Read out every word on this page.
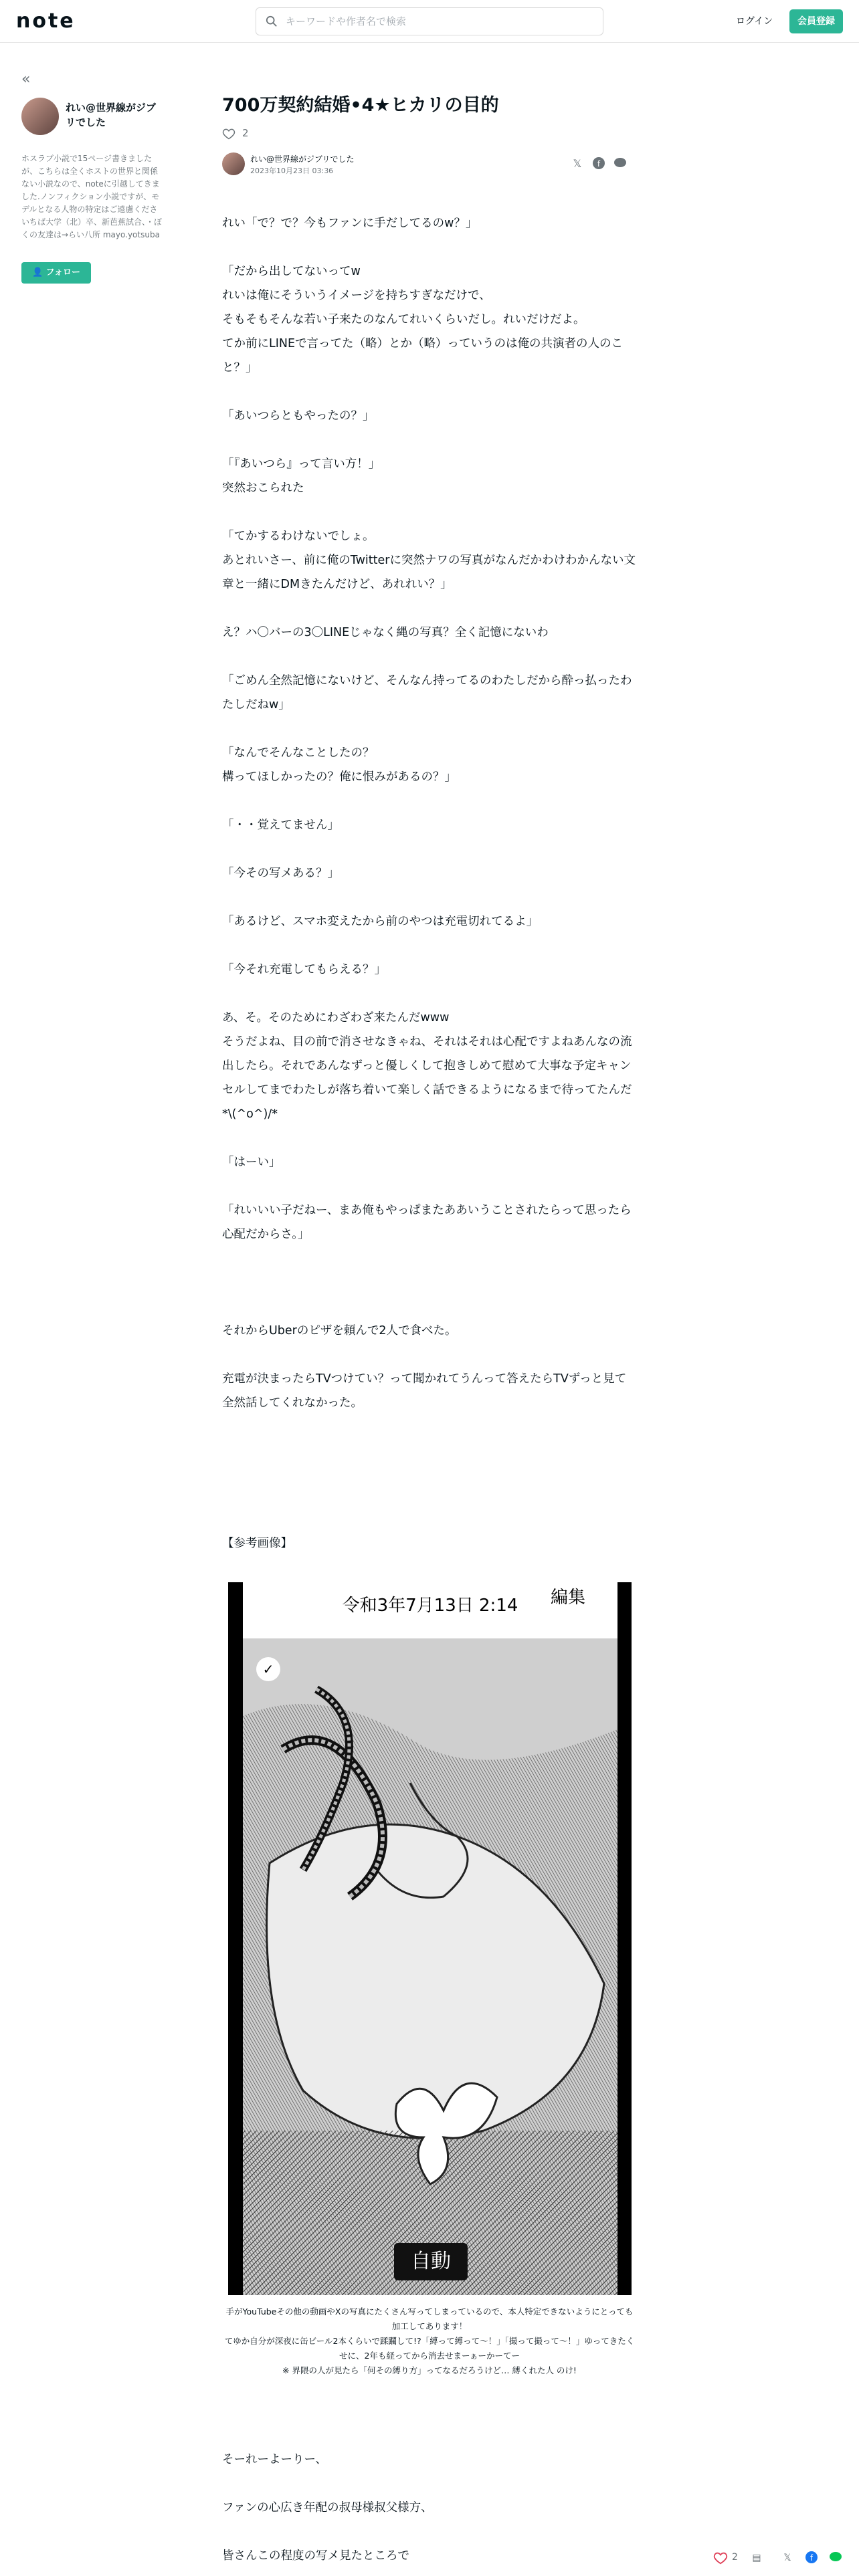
note
キーワードや作者名で検索	ログイン	会員登録
«
れい@世界線がジブリでした
ホスラブ小説で15ページ書きましたが、こちらは全くホストの世界と関係ない小説なので、noteに引越してきました.ノンフィクション小説ですが、モデルとなる人物の特定はご遠慮くださいちば大学（北）卒、新芭蕉試合、・ぼくの友達は→らい八所 mayo.yotsuba
👤 フォロー
700万契約結婚•4★ヒカリの目的
2
れい@世界線がジブリでした
2023年10月23日 03:36
𝕏	f
れい「で？で？今もファンに手だしてるのw？」
「だから出してないってw
れいは俺にそういうイメージを持ちすぎなだけで、
そもそもそんな若い子来たのなんてれいくらいだし。れいだけだよ。
てか前にLINEで言ってた（略）とか（略）っていうのは俺の共演者の人のこと？」
「あいつらともやったの？」
「『あいつら』って言い方！」
突然おこられた
「てかするわけないでしょ。
あとれいさー、前に俺のTwitterに突然ナワの写真がなんだかわけわかんない文章と一緒にDMきたんだけど、あれれい？」
え？ハ〇バーの3〇LINEじゃなく縄の写真？全く記憶にないわ
「ごめん全然記憶にないけど、そんなん持ってるのわたしだから酔っ払ったわたしだねw」
「なんでそんなことしたの？
構ってほしかったの？俺に恨みがあるの？」
「・・覚えてません」
「今その写メある？」
「あるけど、スマホ変えたから前のやつは充電切れてるよ」
「今それ充電してもらえる？」
あ、そ。そのためにわざわざ来たんだwww
そうだよね、目の前で消させなきゃね、それはそれは心配ですよねあんなの流出したら。それであんなずっと優しくして抱きしめて慰めて大事な予定キャンセルしてまでわたしが落ち着いて楽しく話できるようになるまで待ってたんだ*\(^o^)/*
「はーい」
「れいいい子だねー、まあ俺もやっぱまたああいうことされたらって思ったら心配だからさ。」
それからUberのピザを頼んで2人で食べた。
充電が決まったらTVつけてい？って聞かれてうんって答えたらTVずっと見て全然話してくれなかった。
【参考画像】
令和3年7月13日 2:14	編集
✓
自動
手がYouTubeその他の動画やXの写真にたくさん写ってしまっているので、本人特定できないようにとっても加工してあります！
てゆか自分が深夜に缶ビール2本くらいで蹂躙して!?「縛って縛って〜！」「撮って撮って〜！」ゆってきたくせに、2年も経ってから消去せまーぁーかーてー
※ 界隈の人が見たら「何その縛り方」ってなるだろうけど… 縛くれた人 のけ!
そーれーよーりー、
ファンの心広き年配の叔母様叔父様方、
皆さんこの程度の写メ見たところで	2	▤	𝕏	f
